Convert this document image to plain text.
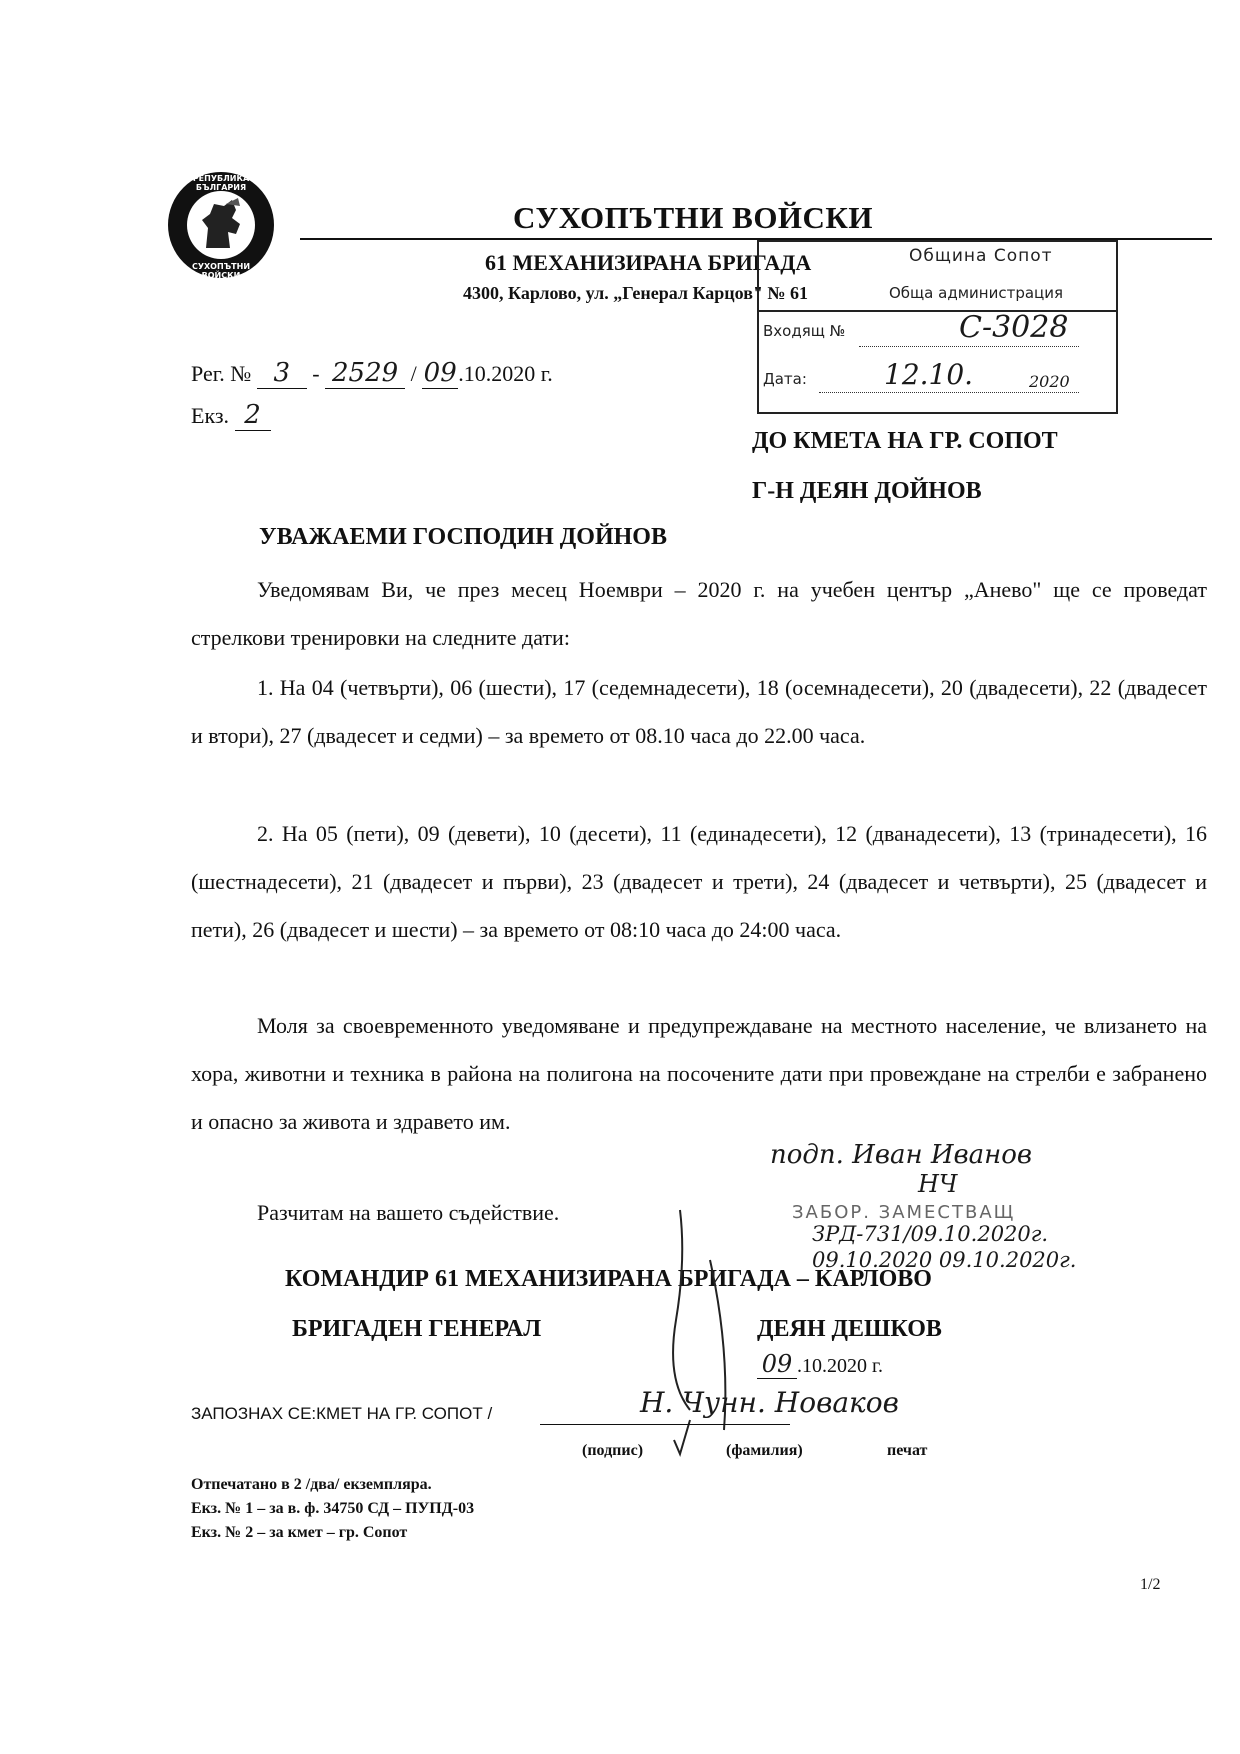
РЕПУБЛИКА БЪЛГАРИЯ
СУХОПЪТНИ ВОЙСКИ
СУХОПЪТНИ ВОЙСКИ
61 МЕХАНИЗИРАНА БРИГАДА
4300, Карлово, ул. „Генерал Карцов" № 61
Община Сопот
Обща администрация
Входящ №	С-3028
Дата:	12.10.	2020
Рег. № 3 - 2529 / 09.10.2020 г.
Екз. 2
ДО КМЕТА НА ГР. СОПОТ
Г-Н ДЕЯН ДОЙНОВ
УВАЖАЕМИ ГОСПОДИН ДОЙНОВ
Уведомявам Ви, че през месец Ноември – 2020 г. на учебен център „Анево" ще се проведат стрелкови тренировки на следните дати:
1. На 04 (четвърти), 06 (шести), 17 (седемнадесети), 18 (осемнадесети), 20 (двадесети), 22 (двадесет и втори), 27 (двадесет и седми) – за времето от 08.10 часа до 22.00 часа.
2. На 05 (пети), 09 (девети), 10 (десети), 11 (единадесети), 12 (дванадесети), 13 (тринадесети), 16 (шестнадесети), 21 (двадесет и първи), 23 (двадесет и трети), 24 (двадесет и четвърти), 25 (двадесет и пети), 26 (двадесет и шести) – за времето от 08:10 часа до 24:00 часа.
Моля за своевременното уведомяване и предупреждаване на местното население, че влизането на хора, животни и техника в района на полигона на посочените дати при провеждане на стрелби е забранено и опасно за живота и здравето им.
подп. Иван Иванов
НЧ
ЗАБОР. ЗАМЕСТВАЩ
ЗРД-731/09.10.2020г.
09.10.2020 09.10.2020г.
Разчитам на вашето съдействие.
КОМАНДИР 61 МЕХАНИЗИРАНА БРИГАДА – КАРЛОВО
БРИГАДЕН ГЕНЕРАЛ	ДЕЯН ДЕШКОВ
09 .10.2020 г.
ЗАПОЗНАХ СЕ:КМЕТ НА ГР. СОПОТ /	Н. Чунн. Новаков
(подпис)	(фамилия)	печат
Отпечатано в 2 /два/ екземпляра.
Екз. № 1 – за в. ф. 34750 СД – ПУПД-03
Екз. № 2 – за кмет – гр. Сопот
1/2
